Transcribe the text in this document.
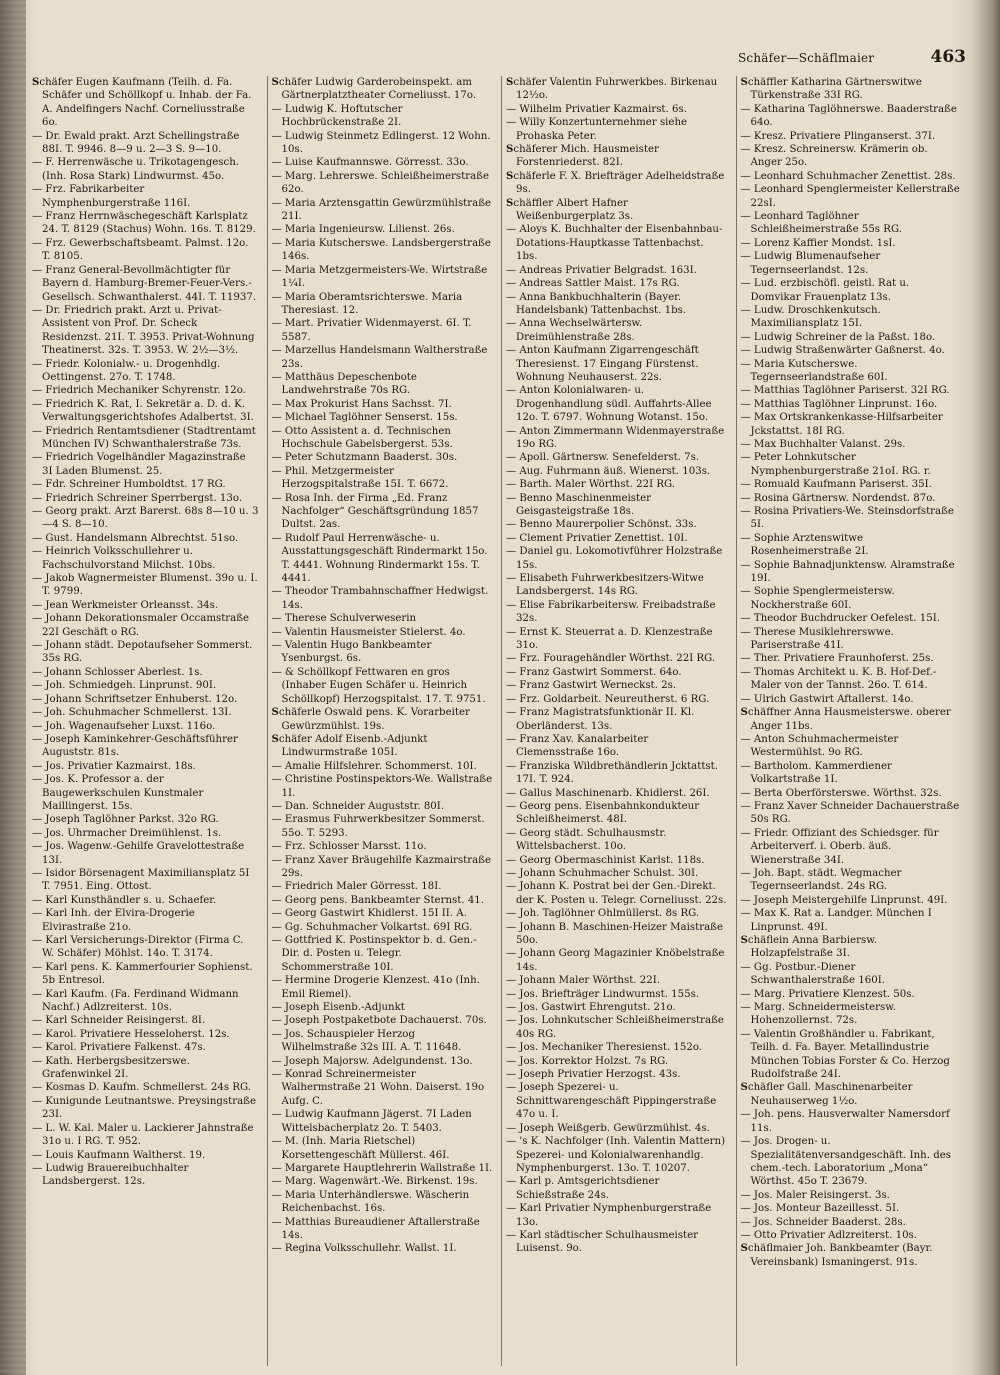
Schäfer—Schäflmaier	463

Schäfer Eugen Kaufmann (Teilh. d. Fa. Schäfer und Schöllkopf u. Inhab. der Fa. A. Andelfingers Nachf. Corneliusstraße 6o.

— Dr. Ewald prakt. Arzt Schellingstraße 88I. T. 9946. 8—9 u. 2—3 S. 9—10.

— F. Herrenwäsche u. Trikotagengesch. (Inh. Rosa Stark) Lindwurmst. 45o.

— Frz. Fabrikarbeiter Nymphenburgerstraße 116I.

— Franz Herrnwäschegeschäft Karlsplatz 24. T. 8129 (Stachus) Wohn. 16s. T. 8129.

— Frz. Gewerbschaftsbeamt. Palmst. 12o. T. 8105.

— Franz General-Bevollmächtigter für Bayern d. Hamburg-Bremer-Feuer-Vers.-Gesellsch. Schwanthalerst. 44I. T. 11937.

— Dr. Friedrich prakt. Arzt u. Privat-Assistent von Prof. Dr. Scheck Residenzst. 21I. T. 3953. Privat-Wohnung Theatinerst. 32s. T. 3953. W. 2½—3½.

— Friedr. Kolonialw.- u. Drogenhdlg. Oettingenst. 27o. T. 1748.

— Friedrich Mechaniker Schyrenstr. 12o.

— Friedrich K. Rat, I. Sekretär a. D. d. K. Verwaltungsgerichtshofes Adalbertst. 3I.

— Friedrich Rentamtsdiener (Stadtrentamt München IV) Schwanthalerstraße 73s.

— Friedrich Vogelhändler Magazinstraße 3I Laden Blumenst. 25.

— Fdr. Schreiner Humboldtst. 17 RG.

— Friedrich Schreiner Sperrbergst. 13o.

— Georg prakt. Arzt Barerst. 68s 8—10 u. 3—4 S. 8—10.

— Gust. Handelsmann Albrechtst. 51so.

— Heinrich Volksschullehrer u. Fachschulvorstand Milchst. 10bs.

— Jakob Wagnermeister Blumenst. 39o u. I. T. 9799.

— Jean Werkmeister Orleansst. 34s.

— Johann Dekorationsmaler Occamstraße 22I Geschäft o RG.

— Johann städt. Depotaufseher Sommerst. 35s RG.

— Johann Schlosser Aberlest. 1s.

— Joh. Schmiedgeh. Linprunst. 90I.

— Johann Schriftsetzer Enhuberst. 12o.

— Joh. Schuhmacher Schmellerst. 13I.

— Joh. Wagenaufseher Luxst. 116o.

— Joseph Kaminkehrer-Geschäftsführer Auguststr. 81s.

— Jos. Privatier Kazmairst. 18s.

— Jos. K. Professor a. der Baugewerkschulen Kunstmaler Maillingerst. 15s.

— Joseph Taglöhner Parkst. 32o RG.

— Jos. Uhrmacher Dreimühlenst. 1s.

— Jos. Wagenw.-Gehilfe Gravelottestraße 13I.

— Isidor Börsenagent Maximiliansplatz 5I T. 7951. Eing. Ottost.

— Karl Kunsthändler s. u. Schaefer.

— Karl Inh. der Elvira-Drogerie Elvirastraße 21o.

— Karl Versicherungs-Direktor (Firma C. W. Schäfer) Möhlst. 14o. T. 3174.

— Karl pens. K. Kammerfourier Sophienst. 5b Entresol.

— Karl Kaufm. (Fa. Ferdinand Widmann Nachf.) Adlzreiterst. 10s.

— Karl Schneider Reisingerst. 8I.

— Karol. Privatiere Hesseloherst. 12s.

— Karol. Privatiere Falkenst. 47s.

— Kath. Herbergsbesitzerswe. Grafenwinkel 2I.

— Kosmas D. Kaufm. Schmellerst. 24s RG.

— Kunigunde Leutnantswe. Preysingstraße 23I.

— L. W. Kal. Maler u. Lackierer Jahnstraße 31o u. I RG. T. 952.

— Louis Kaufmann Waltherst. 19.

— Ludwig Brauereibuchhalter Landsbergerst. 12s.

Schäfer Ludwig Garderobeinspekt. am Gärtnerplatztheater Corneliusst. 17o.

— Ludwig K. Hoftutscher Hochbrückenstraße 2I.

— Ludwig Steinmetz Edlingerst. 12 Wohn. 10s.

— Luise Kaufmannswe. Görresst. 33o.

— Marg. Lehrerswe. Schleißheimerstraße 62o.

— Maria Arztensgattin Gewürzmühlstraße 21I.

— Maria Ingenieursw. Lilienst. 26s.

— Maria Kutscherswe. Landsbergerstraße 146s.

— Maria Metzgermeisters-We. Wirtstraße 1¼I.

— Maria Oberamtsrichterswe. Maria Theresiast. 12.

— Mart. Privatier Widenmayerst. 6I. T. 5587.

— Marzellus Handelsmann Waltherstraße 23s.

— Matthäus Depeschenbote Landwehrstraße 70s RG.

— Max Prokurist Hans Sachsst. 7I.

— Michael Taglöhner Senserst. 15s.

— Otto Assistent a. d. Technischen Hochschule Gabelsbergerst. 53s.

— Peter Schutzmann Baaderst. 30s.

— Phil. Metzgermeister Herzogspitalstraße 15I. T. 6672.

— Rosa Inh. der Firma „Ed. Franz Nachfolger“ Geschäftsgründung 1857 Dultst. 2as.

— Rudolf Paul Herrenwäsche- u. Ausstattungsgeschäft Rindermarkt 15o. T. 4441. Wohnung Rindermarkt 15s. T. 4441.

— Theodor Trambahnschaffner Hedwigst. 14s.

— Therese Schulverweserin

— Valentin Hausmeister Stielerst. 4o.

— Valentin Hugo Bankbeamter Ysenburgst. 6s.

— & Schöllkopf Fettwaren en gros (Inhaber Eugen Schäfer u. Heinrich Schöllkopf) Herzogspitalst. 17. T. 9751.

Schäferle Oswald pens. K. Vorarbeiter Gewürzmühlst. 19s.

Schäfer Adolf Eisenb.-Adjunkt Lindwurmstraße 105I.

— Amalie Hilfslehrer. Schommerst. 10I.

— Christine Postinspektors-We. Wallstraße 1I.

— Dan. Schneider Auguststr. 80I.

— Erasmus Fuhrwerkbesitzer Sommerst. 55o. T. 5293.

— Frz. Schlosser Marsst. 11o.

— Franz Xaver Bräugehilfe Kazmairstraße 29s.

— Friedrich Maler Görresst. 18I.

— Georg pens. Bankbeamter Sternst. 41.

— Georg Gastwirt Khidlerst. 15I II. A.

— Gg. Schuhmacher Volkartst. 69I RG.

— Gottfried K. Postinspektor b. d. Gen.-Dir. d. Posten u. Telegr. Schommerstraße 10I.

— Hermine Drogerie Klenzest. 41o (Inh. Emil Riemel).

— Joseph Eisenb.-Adjunkt

— Joseph Postpaketbote Dachauerst. 70s.

— Jos. Schauspieler Herzog Wilhelmstraße 32s III. A. T. 11648.

— Joseph Majorsw. Adelgundenst. 13o.

— Konrad Schreinermeister Walhermstraße 21 Wohn. Daiserst. 19o Aufg. C.

— Ludwig Kaufmann Jägerst. 7I Laden Wittelsbacherplatz 2o. T. 5403.

— M. (Inh. Maria Rietschel) Korsettengeschäft Müllerst. 46I.

— Margarete Hauptlehrerin Wallstraße 1I.

— Marg. Wagenwärt.-We. Birkenst. 19s.

— Maria Unterhändlerswe. Wäscherin Reichenbachst. 16s.

— Matthias Bureaudiener Aftallerstraße 14s.

— Regina Volksschullehr. Wallst. 1I.

Schäfer Valentin Fuhrwerkbes. Birkenau 12½o.

— Wilhelm Privatier Kazmairst. 6s.

— Willy Konzertunternehmer siehe Prohaska Peter.

Schäferer Mich. Hausmeister Forstenriederst. 82I.

Schäferle F. X. Briefträger Adelheidstraße 9s.

Schäffler Albert Hafner Weißenburgerplatz 3s.

— Aloys K. Buchhalter der Eisenbahnbau-Dotations-Hauptkasse Tattenbachst. 1bs.

— Andreas Privatier Belgradst. 163I.

— Andreas Sattler Maist. 17s RG.

— Anna Bankbuchhalterin (Bayer. Handelsbank) Tattenbachst. 1bs.

— Anna Wechselwärtersw. Dreimühlenstraße 28s.

— Anton Kaufmann Zigarrengeschäft Theresienst. 17 Eingang Fürstenst. Wohnung Neuhauserst. 22s.

— Anton Kolonialwaren- u. Drogenhandlung südl. Auffahrts-Allee 12o. T. 6797. Wohnung Wotanst. 15o.

— Anton Zimmermann Widenmayerstraße 19o RG.

— Apoll. Gärtnersw. Senefelderst. 7s.

— Aug. Fuhrmann äuß. Wienerst. 103s.

— Barth. Maler Wörthst. 22I RG.

— Benno Maschinenmeister Geisgasteigstraße 18s.

— Benno Maurerpolier Schönst. 33s.

— Clement Privatier Zenettist. 10I.

— Daniel gu. Lokomotivführer Holzstraße 15s.

— Elisabeth Fuhrwerkbesitzers-Witwe Landsbergerst. 14s RG.

— Elise Fabrikarbeitersw. Freibadstraße 32s.

— Ernst K. Steuerrat a. D. Klenzestraße 31o.

— Frz. Fouragehändler Wörthst. 22I RG.

— Franz Gastwirt Sommerst. 64o.

— Franz Gastwirt Werneckst. 2s.

— Frz. Goldarbeit. Neureutherst. 6 RG.

— Franz Magistratsfunktionär II. Kl. Oberländerst. 13s.

— Franz Xav. Kanalarbeiter Clemensstraße 16o.

— Franziska Wildbrethändlerin Jcktattst. 17I. T. 924.

— Gallus Maschinenarb. Khidlerst. 26I.

— Georg pens. Eisenbahnkondukteur Schleißheimerst. 48I.

— Georg städt. Schulhausmstr. Wittelsbacherst. 10o.

— Georg Obermaschinist Karlst. 118s.

— Johann Schuhmacher Schulst. 30I.

— Johann K. Postrat bei der Gen.-Direkt. der K. Posten u. Telegr. Corneliusst. 22s.

— Joh. Taglöhner Ohlmüllerst. 8s RG.

— Johann B. Maschinen-Heizer Maistraße 50o.

— Johann Georg Magazinier Knöbelstraße 14s.

— Johann Maler Wörthst. 22I.

— Jos. Briefträger Lindwurmst. 155s.

— Jos. Gastwirt Ehrengutst. 21o.

— Jos. Lohnkutscher Schleißheimerstraße 40s RG.

— Jos. Mechaniker Theresienst. 152o.

— Jos. Korrektor Holzst. 7s RG.

— Joseph Privatier Herzogst. 43s.

— Joseph Spezerei- u. Schnittwarengeschäft Pippingerstraße 47o u. I.

— Joseph Weißgerb. Gewürzmühlst. 4s.

— 's K. Nachfolger (Inh. Valentin Mattern) Spezerei- und Kolonialwarenhandlg. Nymphenburgerst. 13o. T. 10207.

— Karl p. Amtsgerichtsdiener Schießstraße 24s.

— Karl Privatier Nymphenburgerstraße 13o.

— Karl städtischer Schulhausmeister Luisenst. 9o.

Schäffler Katharina Gärtnerswitwe Türkenstraße 33I RG.

— Katharina Taglöhnerswe. Baaderstraße 64o.

— Kresz. Privatiere Plinganserst. 37I.

— Kresz. Schreinersw. Krämerin ob. Anger 25o.

— Leonhard Schuhmacher Zenettist. 28s.

— Leonhard Spenglermeister Kellerstraße 22sI.

— Leonhard Taglöhner Schleißheimerstraße 55s RG.

— Lorenz Kaffier Mondst. 1sI.

— Ludwig Blumenaufseher Tegernseerlandst. 12s.

— Lud. erzbischöfl. geistl. Rat u. Domvikar Frauenplatz 13s.

— Ludw. Droschkenkutsch. Maximiliansplatz 15I.

— Ludwig Schreiner de la Paßst. 18o.

— Ludwig Straßenwärter Gaßnerst. 4o.

— Maria Kutscherswe. Tegernseerlandstraße 60I.

— Matthias Taglöhner Pariserst. 32I RG.

— Matthias Taglöhner Linprunst. 16o.

— Max Ortskrankenkasse-Hilfsarbeiter Jckstattst. 18I RG.

— Max Buchhalter Valanst. 29s.

— Peter Lohnkutscher Nymphenburgerstraße 21oI. RG. r.

— Romuald Kaufmann Pariserst. 35I.

— Rosina Gärtnersw. Nordendst. 87o.

— Rosina Privatiers-We. Steinsdorfstraße 5I.

— Sophie Arztenswitwe Rosenheimerstraße 2I.

— Sophie Bahnadjunktensw. Alramstraße 19I.

— Sophie Spenglermeistersw. Nockherstraße 60I.

— Theodor Buchdrucker Oefelest. 15I.

— Therese Musiklehrerswwe. Pariserstraße 41I.

— Ther. Privatiere Fraunhoferst. 25s.

— Thomas Architekt u. K. B. Hof-Def.-Maler von der Tannst. 26o. T. 614.

— Ulrich Gastwirt Aftallerst. 14o.

Schäffner Anna Hausmeisterswe. oberer Anger 11bs.

— Anton Schuhmachermeister Westermühlst. 9o RG.

— Bartholom. Kammerdiener Volkartstraße 1I.

— Berta Oberförsterswe. Wörthst. 32s.

— Franz Xaver Schneider Dachauerstraße 50s RG.

— Friedr. Offiziant des Schiedsger. für Arbeiterverf. i. Oberb. äuß. Wienerstraße 34I.

— Joh. Bapt. städt. Wegmacher Tegernseerlandst. 24s RG.

— Joseph Meistergehilfe Linprunst. 49I.

— Max K. Rat a. Landger. München I Linprunst. 49I.

Schäflein Anna Barbiersw. Holzapfelstraße 3I.

— Gg. Postbur.-Diener Schwanthalerstraße 160I.

— Marg. Privatiere Klenzest. 50s.

— Marg. Schneidermeistersw. Hohenzollernst. 72s.

— Valentin Großhändler u. Fabrikant, Teilh. d. Fa. Bayer. Metallindustrie München Tobias Forster & Co. Herzog Rudolfstraße 24I.

Schäfler Gall. Maschinenarbeiter Neuhauserweg 1½o.

— Joh. pens. Hausverwalter Namersdorf 11s.

— Jos. Drogen- u. Spezialitätenversandgeschäft. Inh. des chem.-tech. Laboratorium „Mona“ Wörthst. 45o T. 23679.

— Jos. Maler Reisingerst. 3s.

— Jos. Monteur Bazeillesst. 5I.

— Jos. Schneider Baaderst. 28s.

— Otto Privatier Adlzreiterst. 10s.

Schäflmaier Joh. Bankbeamter (Bayr. Vereinsbank) Ismaningerst. 91s.
